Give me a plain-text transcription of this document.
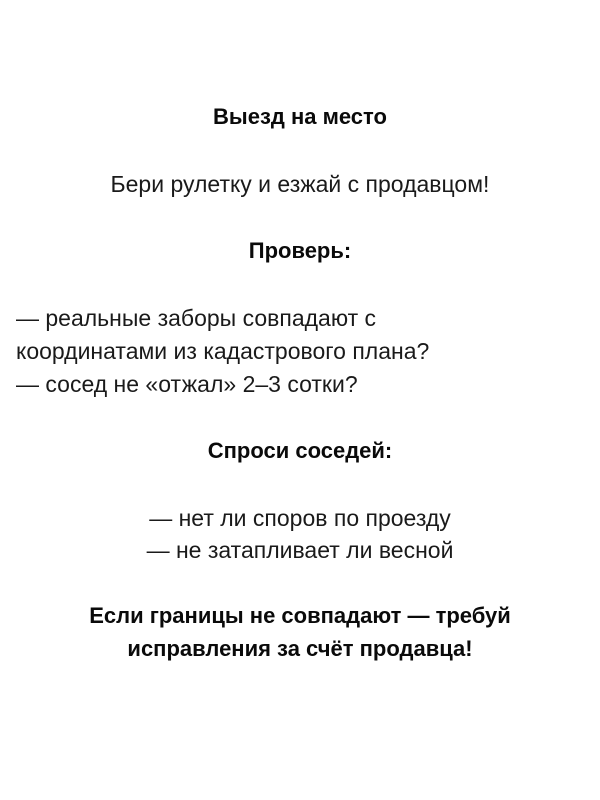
Выезд на место

Бери рулетку и езжай с продавцом!

Проверь:

— реальные заборы совпадают с

координатами из кадастрового плана?

— сосед не «отжал» 2–3 сотки?

Спроси соседей:

— нет ли споров по проезду

— не затапливает ли весной

Если границы не совпадают — требуй

исправления за счёт продавца!
